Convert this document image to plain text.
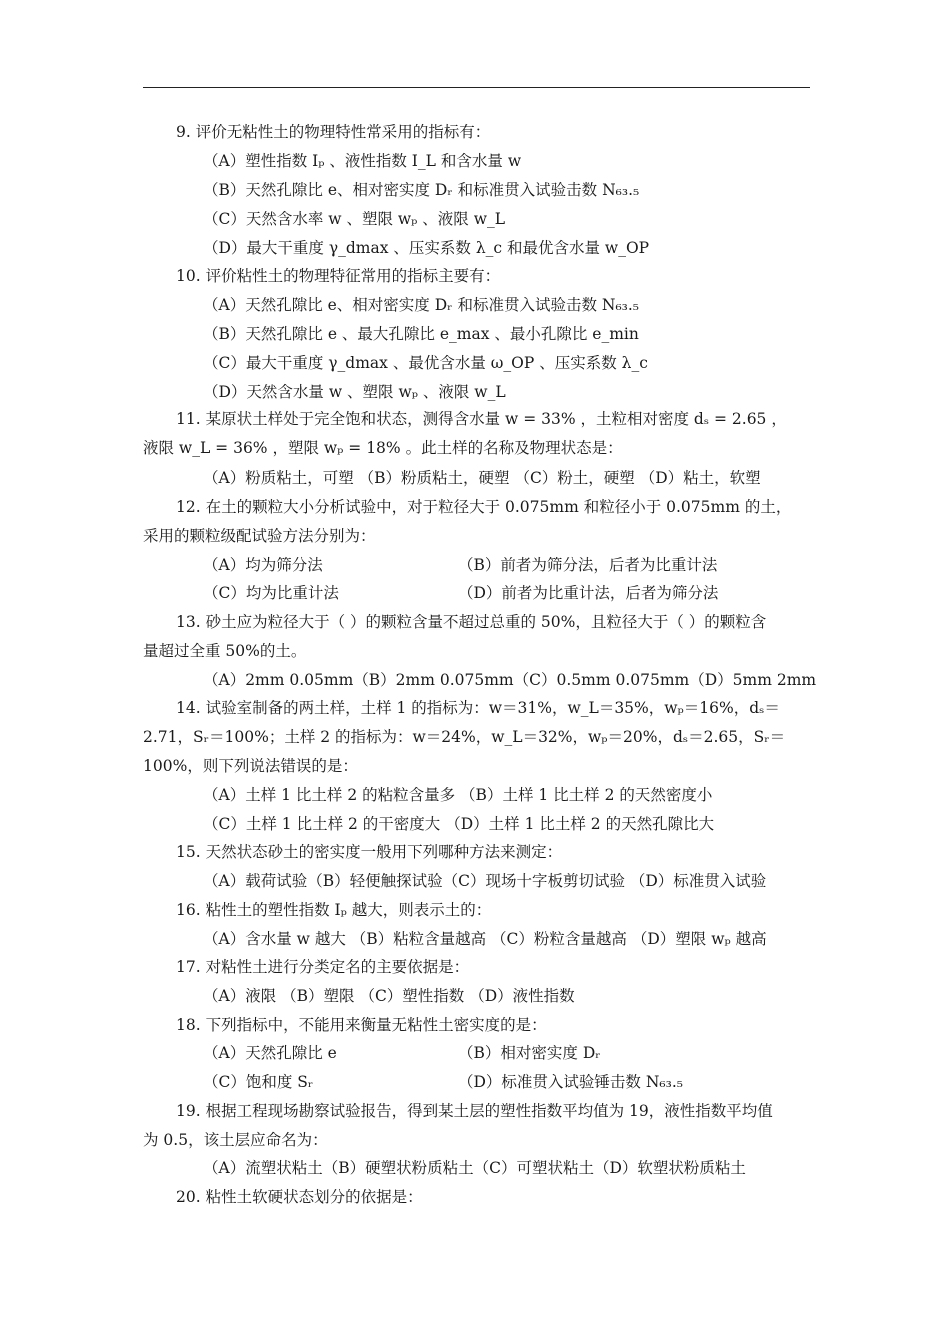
9. 评价无粘性土的物理特性常采用的指标有：
（A）塑性指数 Iₚ 、液性指数 I_L 和含水量 w
（B）天然孔隙比 e、相对密实度 Dᵣ 和标准贯入试验击数 N₆₃.₅
（C）天然含水率 w 、塑限 wₚ 、液限 w_L
（D）最大干重度 γ_dmax 、压实系数 λ_c 和最优含水量 w_OP
10. 评价粘性土的物理特征常用的指标主要有：
（A）天然孔隙比 e、相对密实度 Dᵣ 和标准贯入试验击数 N₆₃.₅
（B）天然孔隙比 e 、最大孔隙比 e_max 、最小孔隙比 e_min
（C）最大干重度 γ_dmax 、最优含水量 ω_OP 、压实系数 λ_c
（D）天然含水量 w 、塑限 wₚ 、液限 w_L
11. 某原状土样处于完全饱和状态，测得含水量 w = 33% ，土粒相对密度 dₛ = 2.65 ，
液限 w_L = 36% ，塑限 wₚ = 18% 。此土样的名称及物理状态是：
（A）粉质粘土，可塑 （B）粉质粘土，硬塑 （C）粉土，硬塑 （D）粘土，软塑
12. 在土的颗粒大小分析试验中，对于粒径大于 0.075mm 和粒径小于 0.075mm 的土，
采用的颗粒级配试验方法分别为：
（A）均为筛分法	（B）前者为筛分法，后者为比重计法
（C）均为比重计法	（D）前者为比重计法，后者为筛分法
13. 砂土应为粒径大于（ ）的颗粒含量不超过总重的 50%，且粒径大于（ ）的颗粒含
量超过全重 50%的土。
（A）2mm 0.05mm（B）2mm 0.075mm（C）0.5mm 0.075mm（D）5mm 2mm
14. 试验室制备的两土样，土样 1 的指标为：w＝31%，w_L＝35%，wₚ＝16%，dₛ＝
2.71，Sᵣ＝100%；土样 2 的指标为：w＝24%，w_L＝32%，wₚ＝20%，dₛ＝2.65，Sᵣ＝
100%，则下列说法错误的是：
（A）土样 1 比土样 2 的粘粒含量多 （B）土样 1 比土样 2 的天然密度小
（C）土样 1 比土样 2 的干密度大 （D）土样 1 比土样 2 的天然孔隙比大
15. 天然状态砂土的密实度一般用下列哪种方法来测定：
（A）载荷试验（B）轻便触探试验（C）现场十字板剪切试验 （D）标准贯入试验
16. 粘性土的塑性指数 Iₚ 越大，则表示土的：
（A）含水量 w 越大 （B）粘粒含量越高 （C）粉粒含量越高 （D）塑限 wₚ 越高
17. 对粘性土进行分类定名的主要依据是：
（A）液限 （B）塑限 （C）塑性指数 （D）液性指数
18. 下列指标中，不能用来衡量无粘性土密实度的是：
（A）天然孔隙比 e	（B）相对密实度 Dᵣ
（C）饱和度 Sᵣ	（D）标准贯入试验锤击数 N₆₃.₅
19. 根据工程现场勘察试验报告，得到某土层的塑性指数平均值为 19，液性指数平均值
为 0.5，该土层应命名为：
（A）流塑状粘土（B）硬塑状粉质粘土（C）可塑状粘土（D）软塑状粉质粘土
20. 粘性土软硬状态划分的依据是：
